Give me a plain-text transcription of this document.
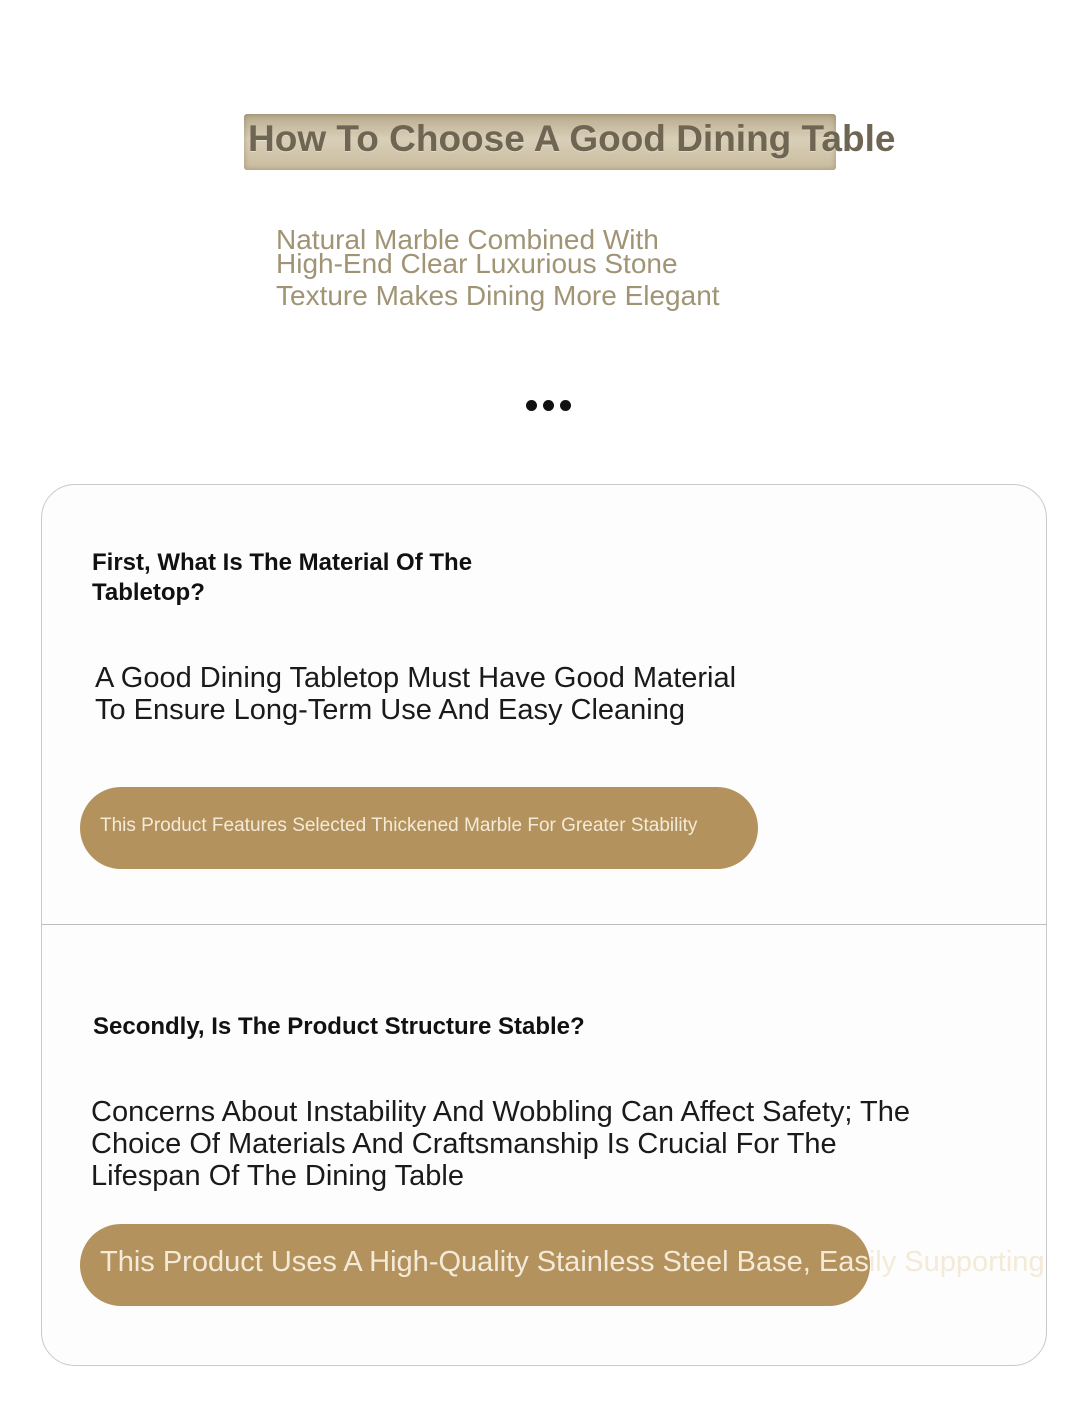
How To Choose A Good Dining Table
Natural Marble Combined With
High-End Clear Luxurious Stone
Texture Makes Dining More Elegant
First, What Is The Material Of The
Tabletop?
A Good Dining Tabletop Must Have Good Material
To Ensure Long-Term Use And Easy Cleaning
This Product Features Selected Thickened Marble For Greater Stability
Secondly, Is The Product Structure Stable?
Concerns About Instability And Wobbling Can Affect Safety; The
Choice Of Materials And Craftsmanship Is Crucial For The
Lifespan Of The Dining Table
This Product Uses A High-Quality Stainless Steel Base, Easily Supporting
